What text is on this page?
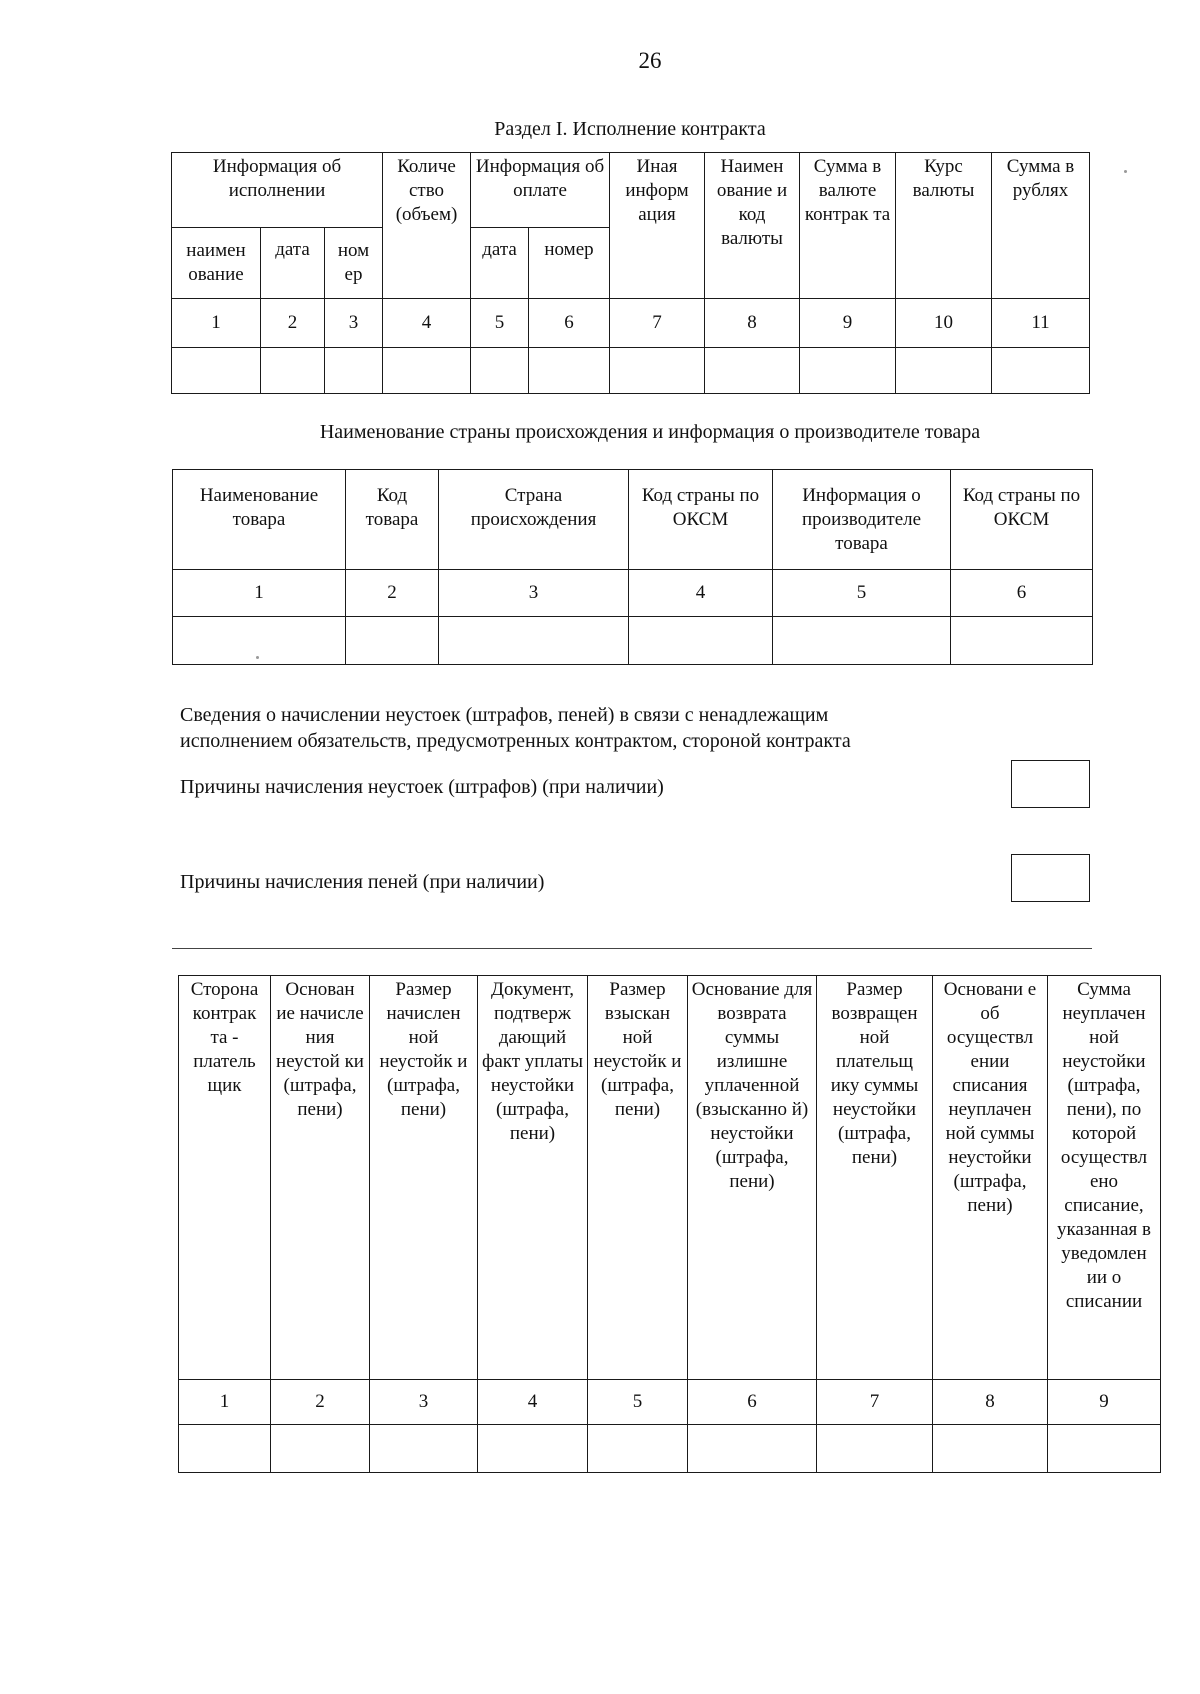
26
Раздел I. Исполнение контракта
Информация об исполнении			Количе ство (объем)	Информация об оплате		Иная информ ация	Наимен ование и код валюты	Сумма в валюте контрак та	Курс валюты	Сумма в рублях
наимен ование	дата	ном ер		дата	номер					
1	2	3	4	5	6	7	8	9	10	11

Наименование страны происхождения и информация о производителе товара
Наименование товара	Код товара	Страна происхождения	Код страны по ОКСМ	Информация о производителе товара	Код страны по ОКСМ
1	2	3	4	5	6

Сведения о начислении неустоек (штрафов, пеней) в связи с ненадлежащим исполнением обязательств, предусмотренных контрактом, стороной контракта
Причины начисления неустоек (штрафов) (при наличии)
Причины начисления пеней (при наличии)
Сторона контрак та - платель щик	Основан ие начисле ния неустой ки (штрафа, пени)	Размер начислен ной неустойк и (штрафа, пени)	Документ, подтверж дающий факт уплаты неустойки (штрафа, пени)	Размер взыскан ной неустойк и (штрафа, пени)	Основание для возврата суммы излишне уплаченной (взысканно й) неустойки (штрафа, пени)	Размер возвращен ной плательщ ику суммы неустойки (штрафа, пени)	Основани е об осуществл ении списания неуплачен ной суммы неустойки (штрафа, пени)	Сумма неуплачен ной неустойки (штрафа, пени), по которой осуществл ено списание, указанная в уведомлен ии о списании
1	2	3	4	5	6	7	8	9
